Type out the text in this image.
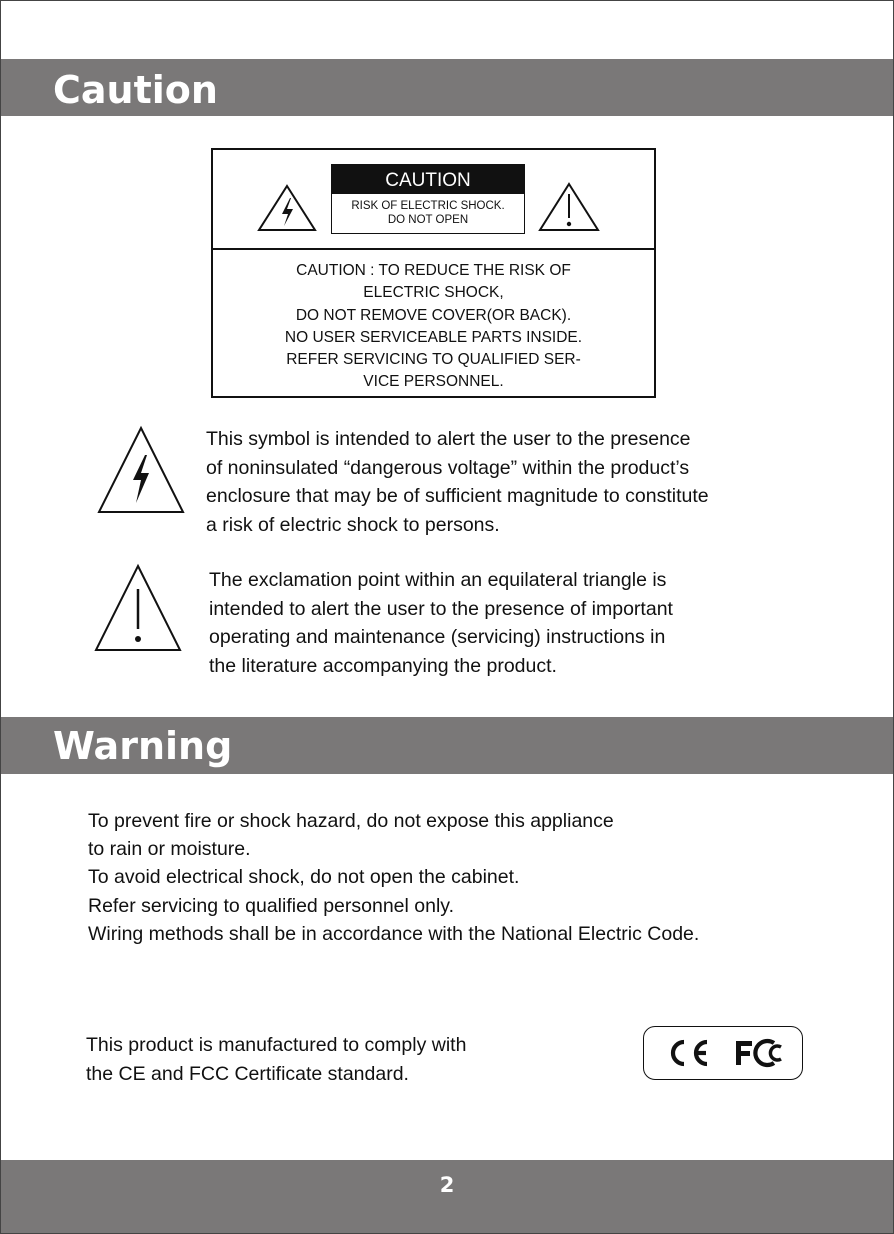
Caution
CAUTION
RISK OF ELECTRIC SHOCK.
DO NOT OPEN
CAUTION : TO REDUCE THE RISK OF
ELECTRIC SHOCK,
DO NOT REMOVE COVER(OR BACK).
NO USER SERVICEABLE PARTS INSIDE.
REFER SERVICING TO QUALIFIED SER-
VICE PERSONNEL.
This symbol is intended to alert the user to the presence
of noninsulated “dangerous voltage” within the product’s
enclosure that may be of sufficient magnitude to constitute
a risk of electric shock to persons.
The exclamation point within an equilateral triangle is
intended to alert the user to the presence of important
operating and maintenance (servicing) instructions in
the literature accompanying the product.
Warning
To prevent fire or shock hazard, do not expose this appliance
to rain or moisture.
To avoid electrical shock, do not open the cabinet.
Refer servicing to qualified personnel only.
Wiring methods shall be in accordance with the National Electric Code.
This product is manufactured to comply with
the CE and FCC Certificate standard.
2
